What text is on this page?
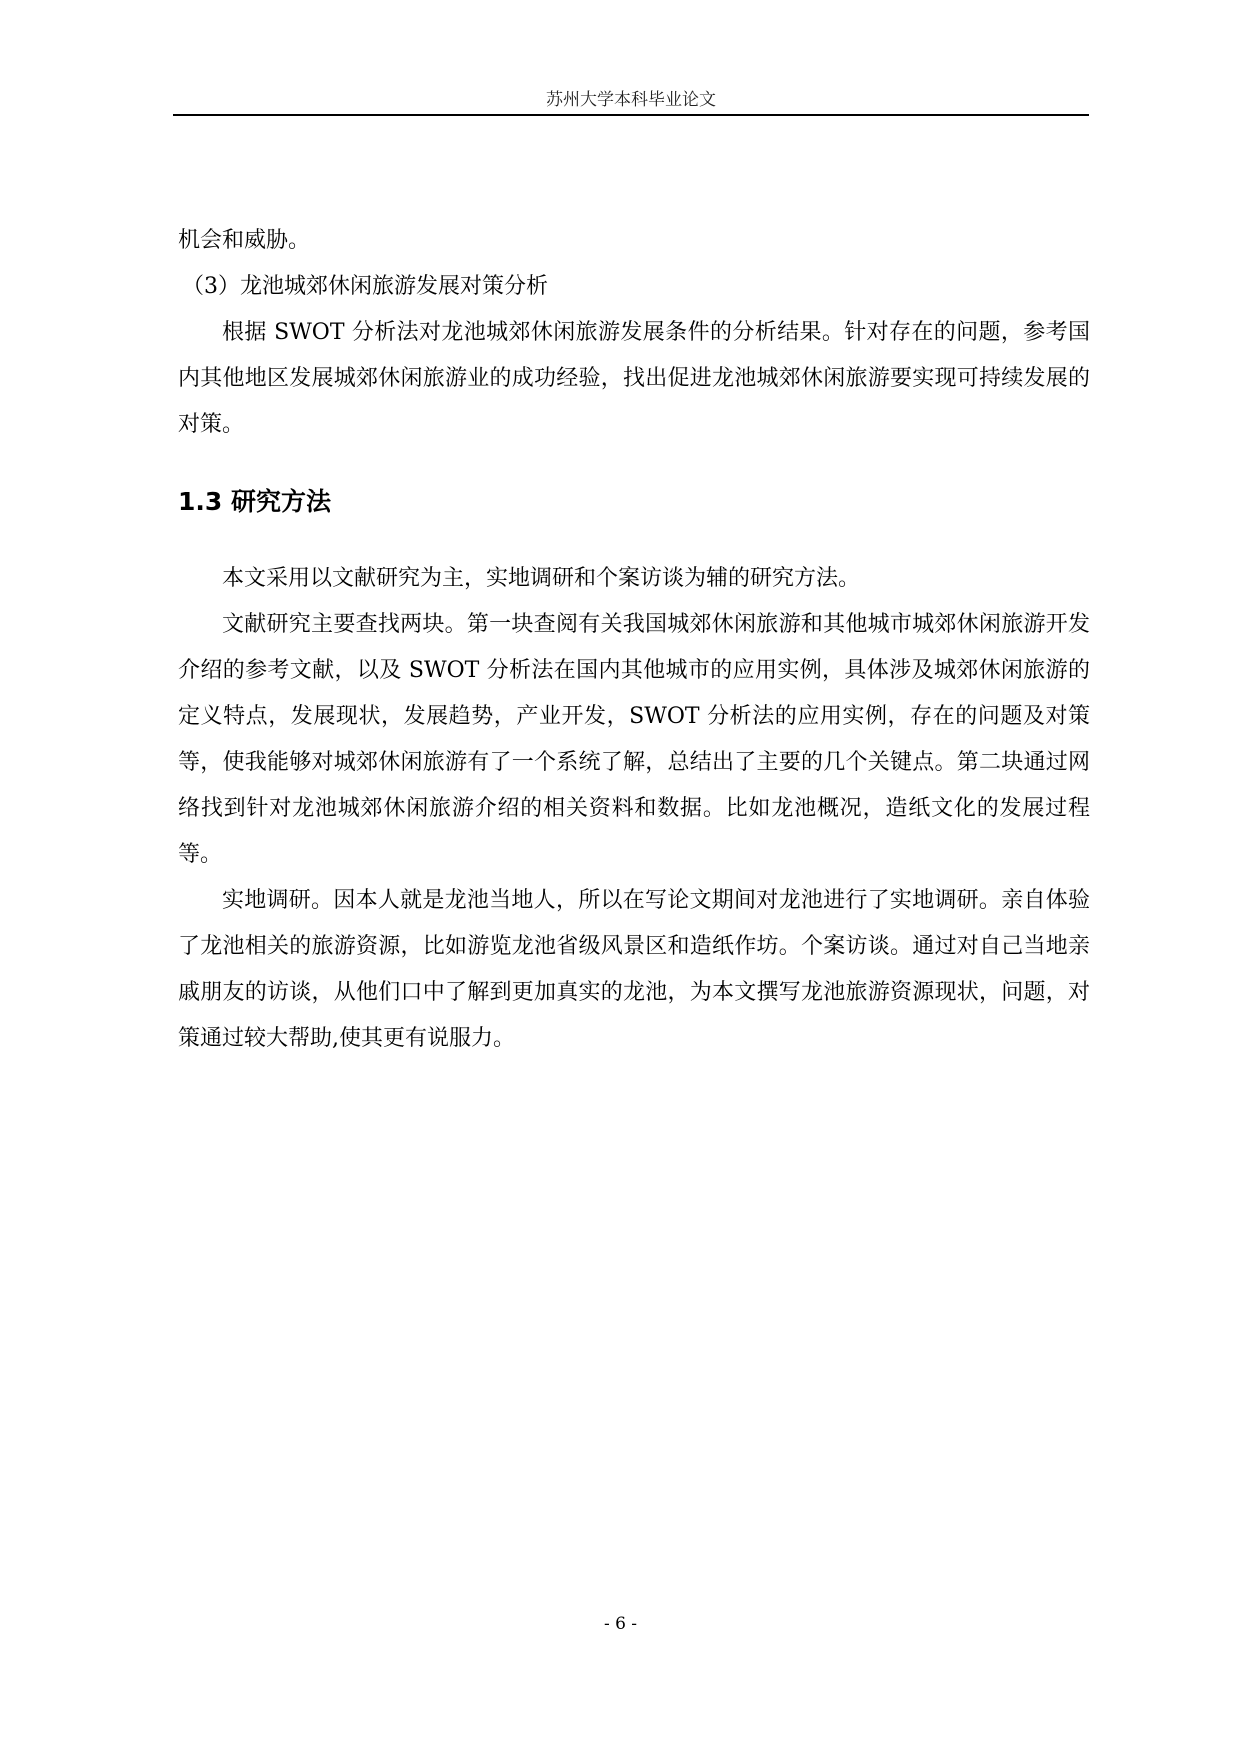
苏州大学本科毕业论文

机会和威胁。

（3）龙池城郊休闲旅游发展对策分析

根据 SWOT 分析法对龙池城郊休闲旅游发展条件的分析结果。针对存在的问题，参考国内其他地区发展城郊休闲旅游业的成功经验，找出促进龙池城郊休闲旅游要实现可持续发展的对策。

1.3 研究方法

本文采用以文献研究为主，实地调研和个案访谈为辅的研究方法。

文献研究主要查找两块。第一块查阅有关我国城郊休闲旅游和其他城市城郊休闲旅游开发介绍的参考文献，以及 SWOT 分析法在国内其他城市的应用实例，具体涉及城郊休闲旅游的定义特点，发展现状，发展趋势，产业开发，SWOT 分析法的应用实例，存在的问题及对策等，使我能够对城郊休闲旅游有了一个系统了解，总结出了主要的几个关键点。第二块通过网络找到针对龙池城郊休闲旅游介绍的相关资料和数据。比如龙池概况，造纸文化的发展过程等。

实地调研。因本人就是龙池当地人，所以在写论文期间对龙池进行了实地调研。亲自体验了龙池相关的旅游资源，比如游览龙池省级风景区和造纸作坊。个案访谈。通过对自己当地亲戚朋友的访谈，从他们口中了解到更加真实的龙池，为本文撰写龙池旅游资源现状，问题，对策通过较大帮助,使其更有说服力。

- 6 -
